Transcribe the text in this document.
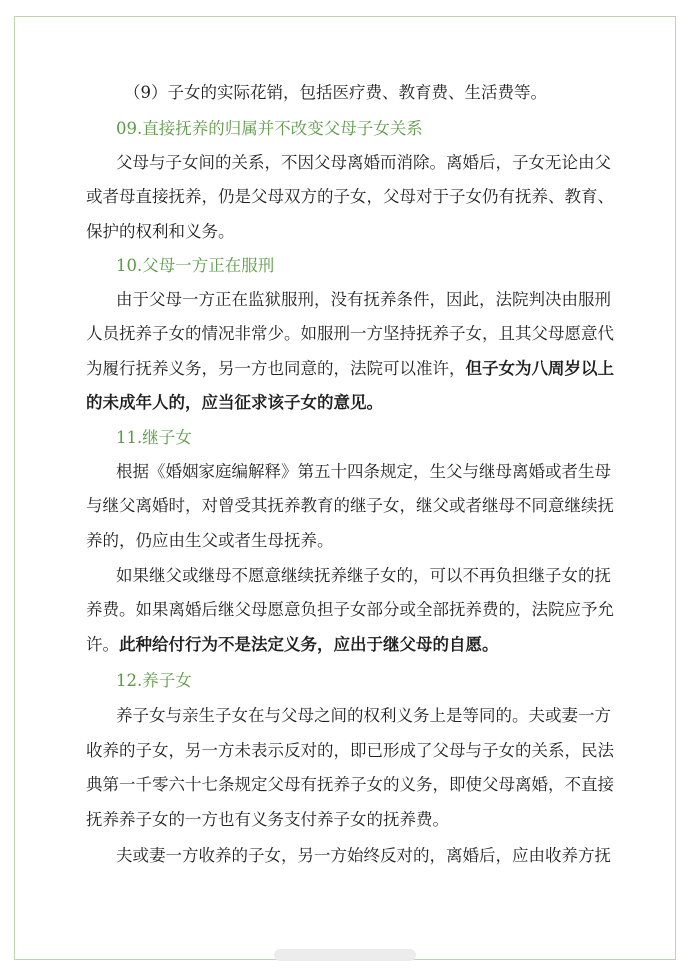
（9）子女的实际花销，包括医疗费、教育费、生活费等。
09.直接抚养的归属并不改变父母子女关系
父母与子女间的关系，不因父母离婚而消除。离婚后，子女无论由父
或者母直接抚养，仍是父母双方的子女，父母对于子女仍有抚养、教育、
保护的权利和义务。
10.父母一方正在服刑
由于父母一方正在监狱服刑，没有抚养条件，因此，法院判决由服刑
人员抚养子女的情况非常少。如服刑一方坚持抚养子女，且其父母愿意代
为履行抚养义务，另一方也同意的，法院可以准许，但子女为八周岁以上
的未成年人的，应当征求该子女的意见。
11.继子女
根据《婚姻家庭编解释》第五十四条规定，生父与继母离婚或者生母
与继父离婚时，对曾受其抚养教育的继子女，继父或者继母不同意继续抚
养的，仍应由生父或者生母抚养。
如果继父或继母不愿意继续抚养继子女的，可以不再负担继子女的抚
养费。如果离婚后继父母愿意负担子女部分或全部抚养费的，法院应予允
许。此种给付行为不是法定义务，应出于继父母的自愿。
12.养子女
养子女与亲生子女在与父母之间的权利义务上是等同的。夫或妻一方
收养的子女，另一方未表示反对的，即已形成了父母与子女的关系，民法
典第一千零六十七条规定父母有抚养子女的义务，即使父母离婚，不直接
抚养养子女的一方也有义务支付养子女的抚养费。
夫或妻一方收养的子女，另一方始终反对的，离婚后，应由收养方抚
